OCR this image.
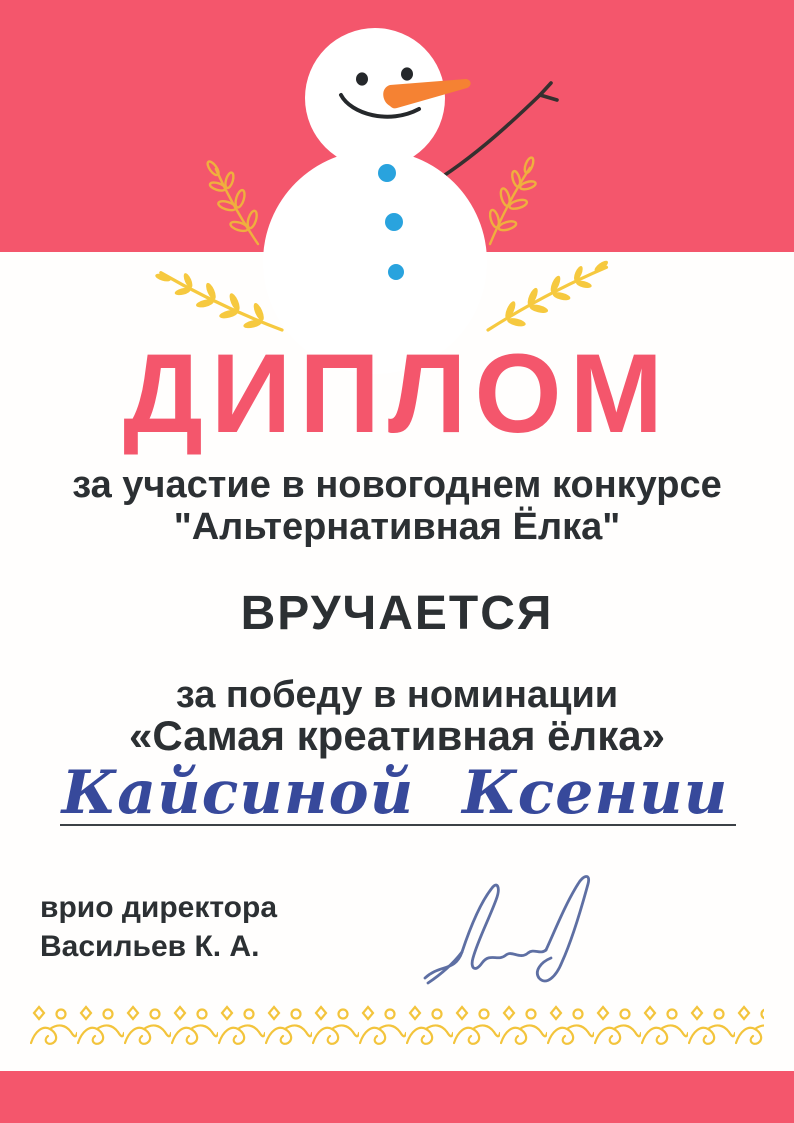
ДИПЛОМ
за участие в новогоднем конкурсе
"Альтернативная Ёлка"
ВРУЧАЕТСЯ
за победу в номинации
«Самая креативная ёлка»
Кайсиной Ксении
врио директора
Васильев К. А.
